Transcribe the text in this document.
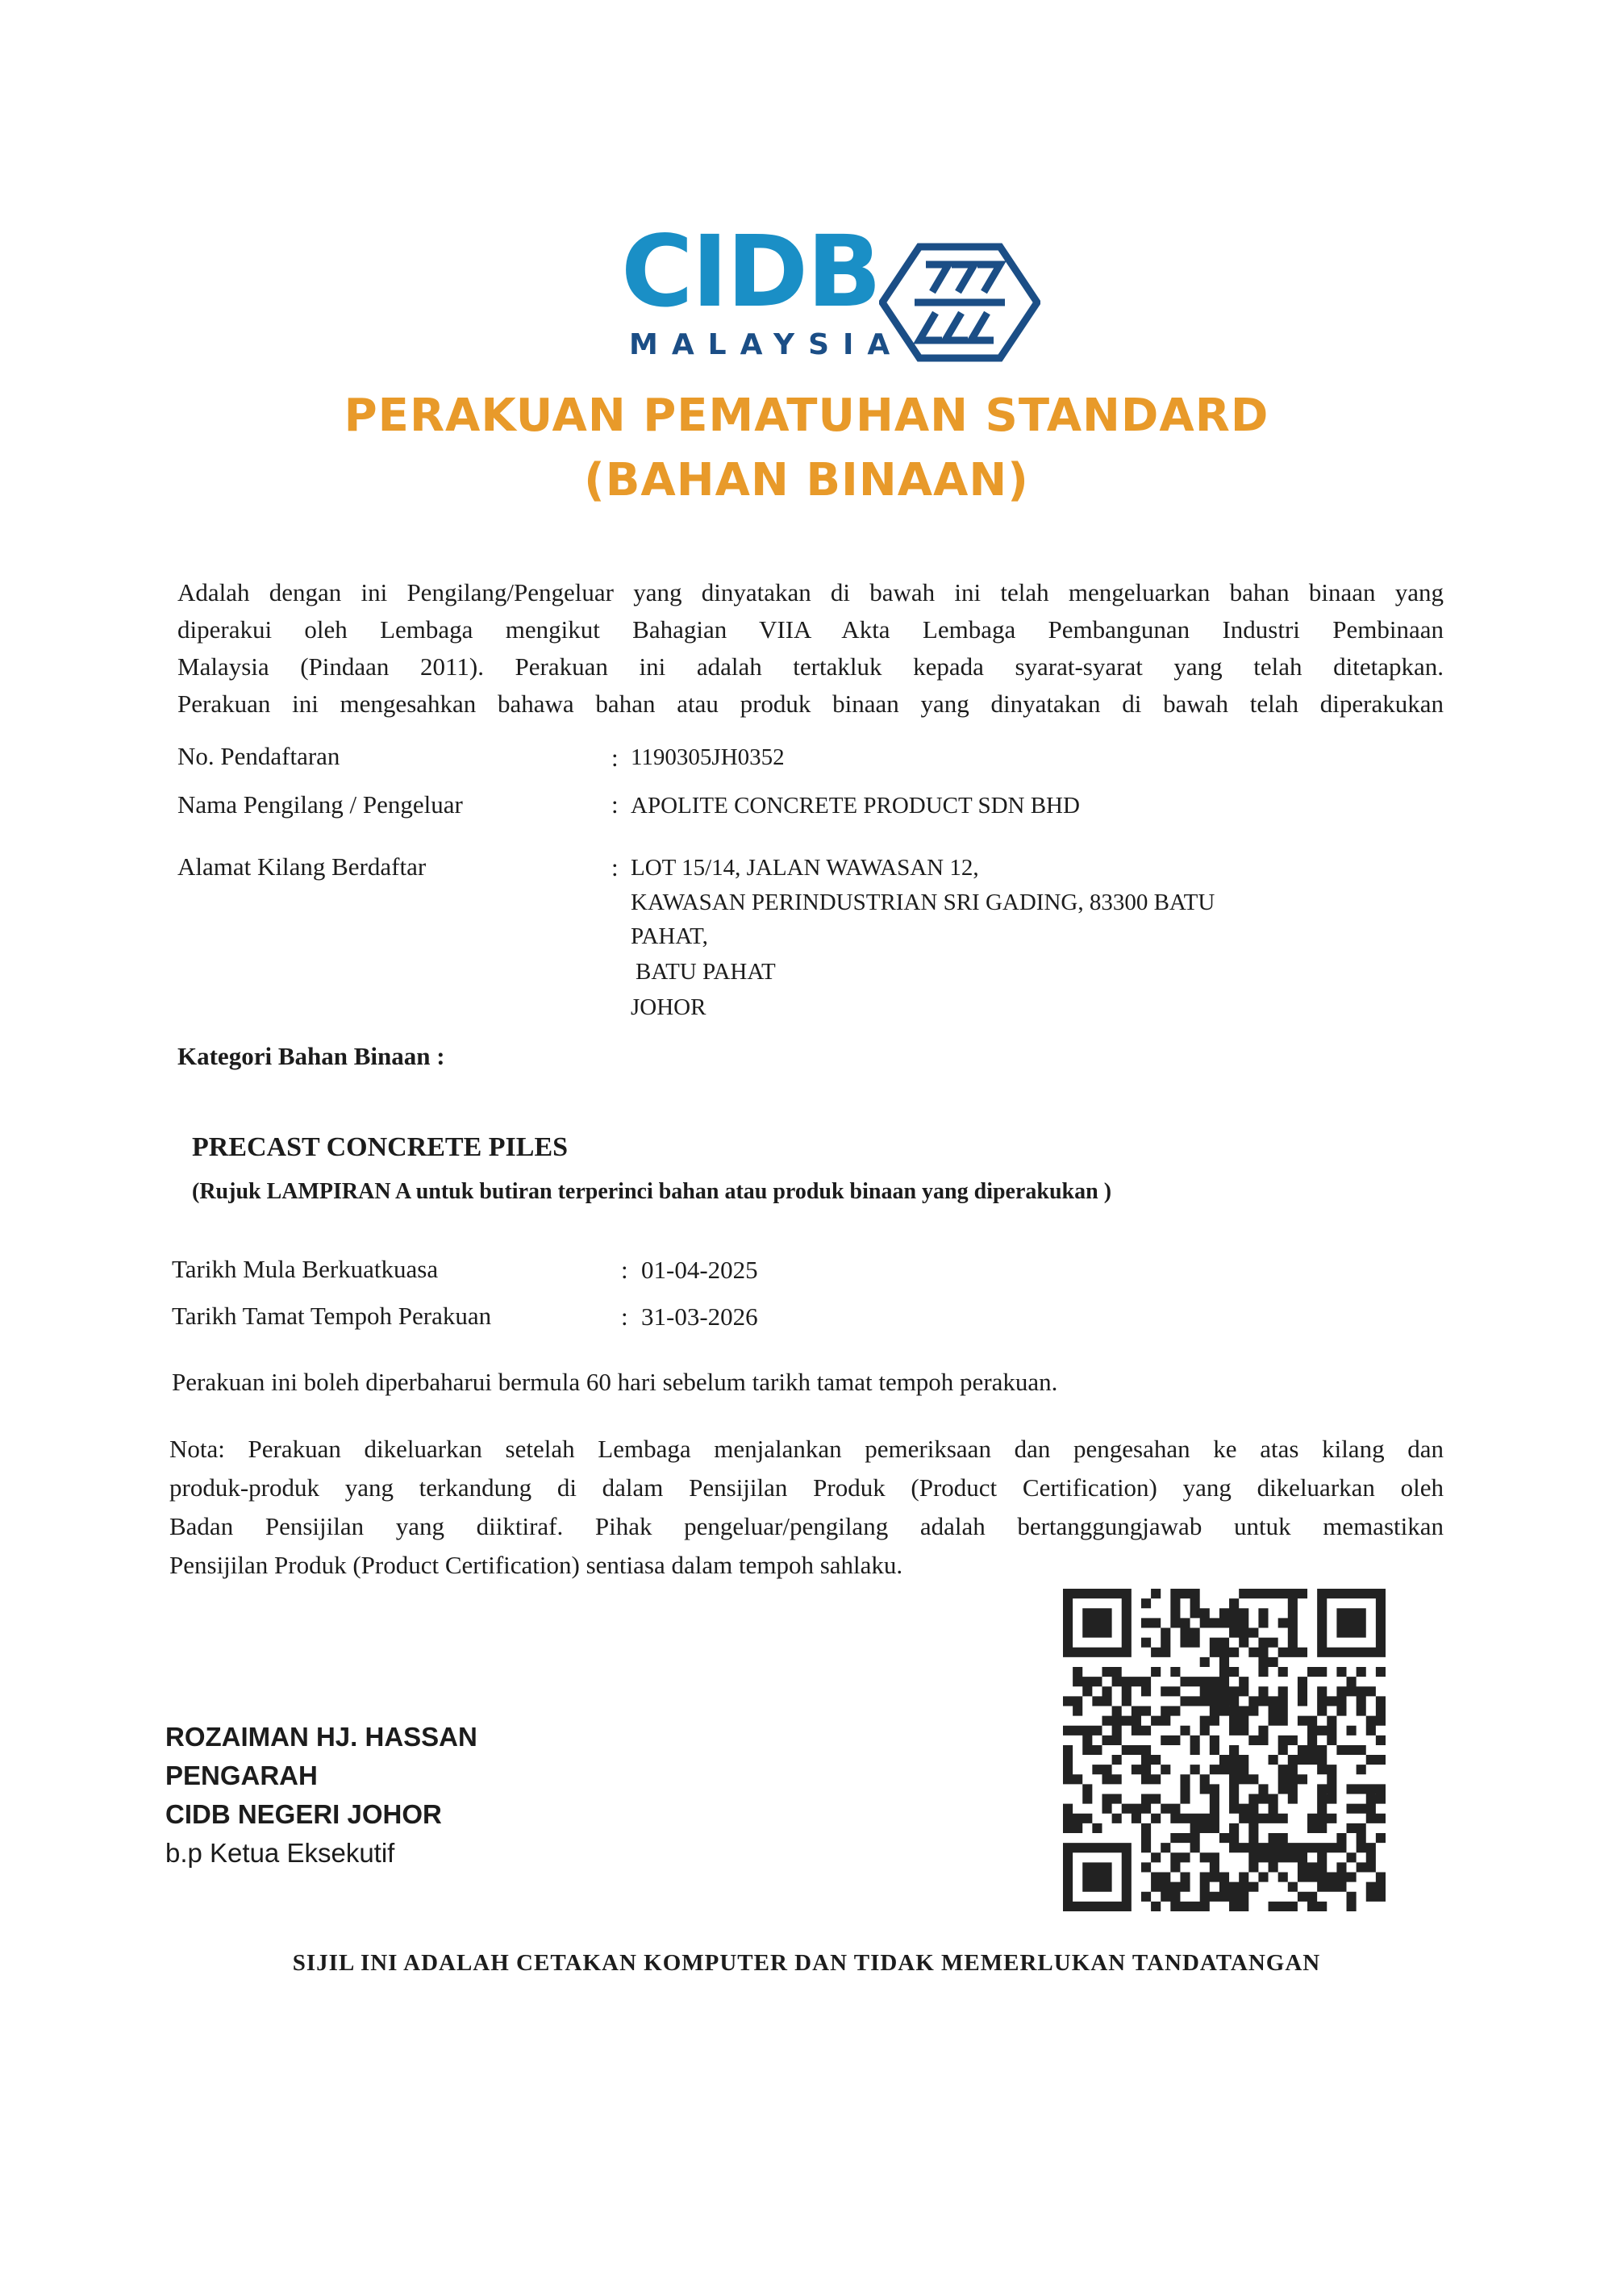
CIDB
MALAYSIA
PERAKUAN PEMATUHAN STANDARD
(BAHAN BINAAN)
Adalah dengan ini Pengilang/Pengeluar yang dinyatakan di bawah ini telah mengeluarkan bahan binaan yang
diperakui oleh Lembaga mengikut Bahagian VIIA Akta Lembaga Pembangunan Industri Pembinaan
Malaysia (Pindaan 2011). Perakuan ini adalah tertakluk kepada syarat-syarat yang telah ditetapkan.
Perakuan ini mengesahkan bahawa bahan atau produk binaan yang dinyatakan di bawah telah diperakukan
No. Pendaftaran	: 1190305JH0352
Nama Pengilang / Pengeluar	: APOLITE CONCRETE PRODUCT SDN BHD
Alamat Kilang Berdaftar	: LOT 15/14, JALAN WAWASAN 12,
KAWASAN PERINDUSTRIAN SRI GADING, 83300 BATU
PAHAT,
BATU PAHAT
JOHOR
Kategori Bahan Binaan :
PRECAST CONCRETE PILES
(Rujuk LAMPIRAN A untuk butiran terperinci bahan atau produk binaan yang diperakukan )
Tarikh Mula Berkuatkuasa	: 01-04-2025
Tarikh Tamat Tempoh Perakuan	: 31-03-2026
Perakuan ini boleh diperbaharui bermula 60 hari sebelum tarikh tamat tempoh perakuan.
Nota: Perakuan dikeluarkan setelah Lembaga menjalankan pemeriksaan dan pengesahan ke atas kilang dan
produk-produk yang terkandung di dalam Pensijilan Produk (Product Certification) yang dikeluarkan oleh
Badan Pensijilan yang diiktiraf. Pihak pengeluar/pengilang adalah bertanggungjawab untuk memastikan
Pensijilan Produk (Product Certification) sentiasa dalam tempoh sahlaku.
ROZAIMAN HJ. HASSAN
PENGARAH
CIDB NEGERI JOHOR
b.p Ketua Eksekutif
SIJIL INI ADALAH CETAKAN KOMPUTER DAN TIDAK MEMERLUKAN TANDATANGAN
